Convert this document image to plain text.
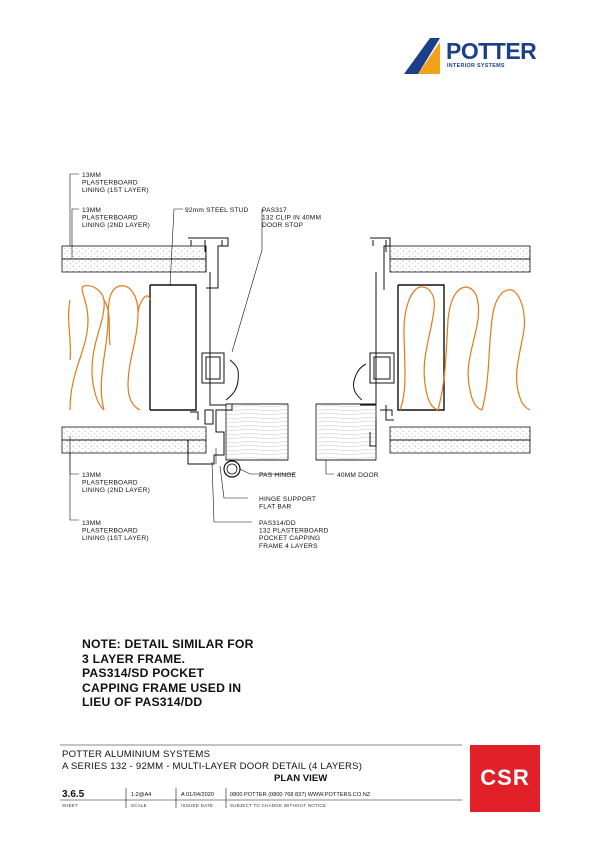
13MM PLASTERBOARD LINING (1ST LAYER)
13MM PLASTERBOARD LINING (2ND LAYER)
92mm STEEL STUD PAS317 132 CLIP IN 40MM DOOR STOP
PAS HINGE	40MM DOOR
13MM PLASTERBOARD LINING (2ND LAYER)
13MM PLASTERBOARD LINING (1ST LAYER)
HINGE SUPPORT FLAT BAR
PAS314/DD 132 PLASTERBOARD POCKET CAPPING FRAME 4 LAYERS
POTTER
INTERIOR SYSTEMS
NOTE: DETAIL SIMILAR FOR
3 LAYER FRAME.
PAS314/SD POCKET
CAPPING FRAME USED IN
LIEU OF PAS314/DD
POTTER ALUMINIUM SYSTEMS
A SERIES 132 - 92MM - MULTI-LAYER DOOR DETAIL (4 LAYERS)
PLAN VIEW
3.6.5	1:2@A4	A 01/04/2020	0800 POTTER (0800 768 837) WWW.POTTERS.CO.NZ
SHEET	SCALE	ISSUED DATE	SUBJECT TO CHANGE WITHOUT NOTICE
CSR
